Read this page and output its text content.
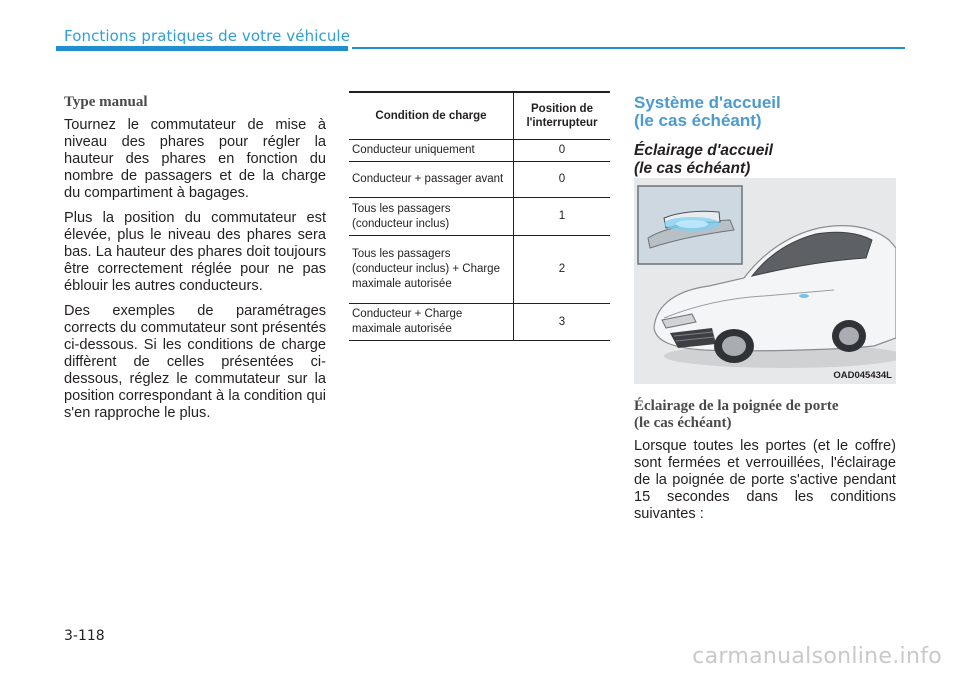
Fonctions pratiques de votre véhicule

Type manual

Tournez le commutateur de mise à niveau des phares pour régler la hauteur des phares en fonction du nombre de passagers et de la charge du compartiment à bagages.

Plus la position du commutateur est élevée, plus le niveau des phares sera bas. La hauteur des phares doit toujours être correctement réglée pour ne pas éblouir les autres conducteurs.

Des exemples de paramétrages corrects du commutateur sont présentés ci-dessous. Si les conditions de charge diffèrent de celles présentées ci-dessous, réglez le commutateur sur la position correspondant à la condition qui s'en rapproche le plus.

Condition de charge	Position de l'interrupteur
Conducteur uniquement	0
Conducteur + passager avant	0
Tous les passagers (conducteur inclus)	1
Tous les passagers (conducteur inclus) + Charge maximale autorisée	2
Conducteur + Charge maximale autorisée	3

Système d'accueil
(le cas échéant)

Éclairage d'accueil
(le cas échéant)

OAD045434L

Éclairage de la poignée de porte
(le cas échéant)

Lorsque toutes les portes (et le coffre) sont fermées et verrouillées, l'éclairage de la poignée de porte s'active pendant 15 secondes dans les conditions suivantes :

3-118
carmanualsonline.info
